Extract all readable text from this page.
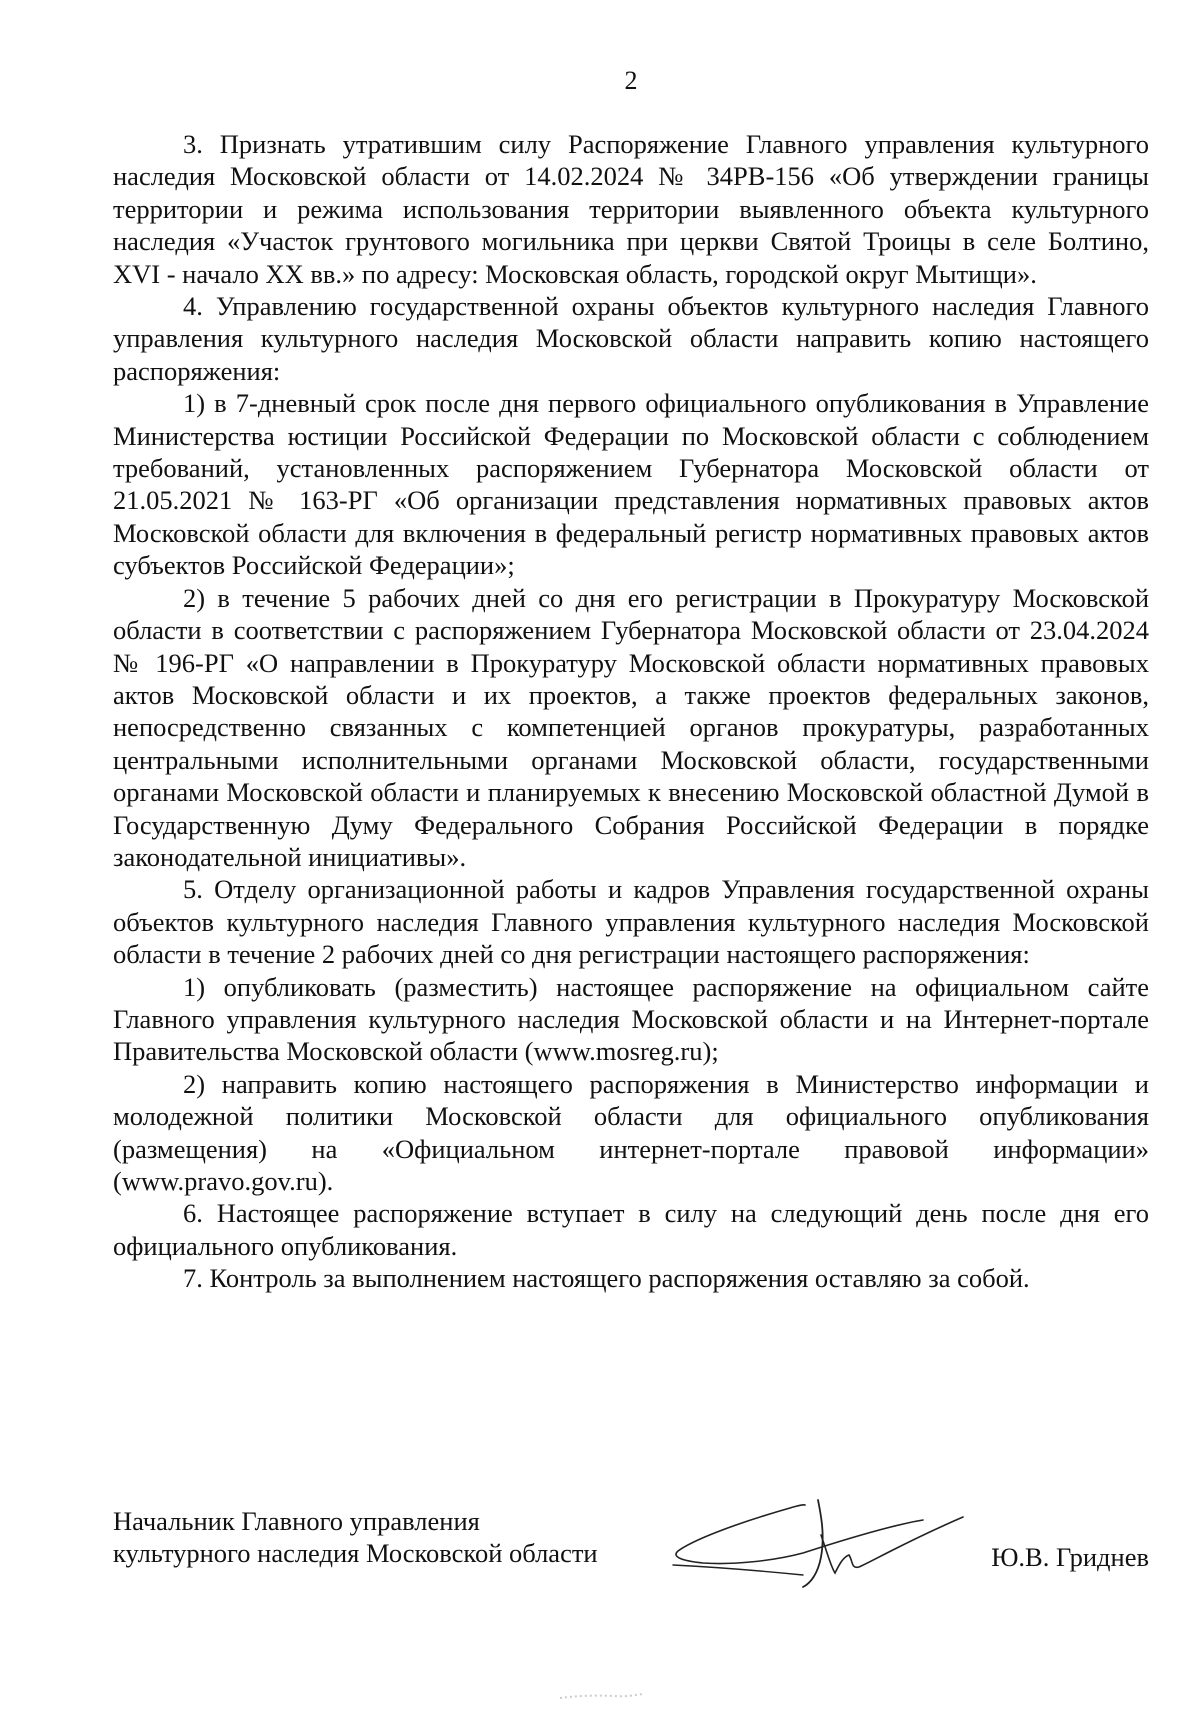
2

3. Признать утратившим силу Распоряжение Главного управления культурного наследия Московской области от 14.02.2024 № 34РВ-156 «Об утверждении границы территории и режима использования территории выявленного объекта культурного наследия «Участок грунтового могильника при церкви Святой Троицы в селе Болтино, XVI - начало XX вв.» по адресу: Московская область, городской округ Мытищи».

4. Управлению государственной охраны объектов культурного наследия Главного управления культурного наследия Московской области направить копию настоящего распоряжения:

1) в 7-дневный срок после дня первого официального опубликования в Управление Министерства юстиции Российской Федерации по Московской области с соблюдением требований, установленных распоряжением Губернатора Московской области от 21.05.2021 № 163-РГ «Об организации представления нормативных правовых актов Московской области для включения в федеральный регистр нормативных правовых актов субъектов Российской Федерации»;

2) в течение 5 рабочих дней со дня его регистрации в Прокуратуру Московской области в соответствии с распоряжением Губернатора Московской области от 23.04.2024 № 196-РГ «О направлении в Прокуратуру Московской области нормативных правовых актов Московской области и их проектов, а также проектов федеральных законов, непосредственно связанных с компетенцией органов прокуратуры, разработанных центральными исполнительными органами Московской области, государственными органами Московской области и планируемых к внесению Московской областной Думой в Государственную Думу Федерального Собрания Российской Федерации в порядке законодательной инициативы».

5. Отделу организационной работы и кадров Управления государственной охраны объектов культурного наследия Главного управления культурного наследия Московской области в течение 2 рабочих дней со дня регистрации настоящего распоряжения:

1) опубликовать (разместить) настоящее распоряжение на официальном сайте Главного управления культурного наследия Московской области и на Интернет-портале Правительства Московской области (www.mosreg.ru);

2) направить копию настоящего распоряжения в Министерство информации и молодежной политики Московской области для официального опубликования (размещения) на «Официальном интернет-портале правовой информации» (www.pravo.gov.ru).

6. Настоящее распоряжение вступает в силу на следующий день после дня его официального опубликования.

7. Контроль за выполнением настоящего распоряжения оставляю за собой.

Начальник Главного управления
культурного наследия Московской области	Ю.В. Гриднев
